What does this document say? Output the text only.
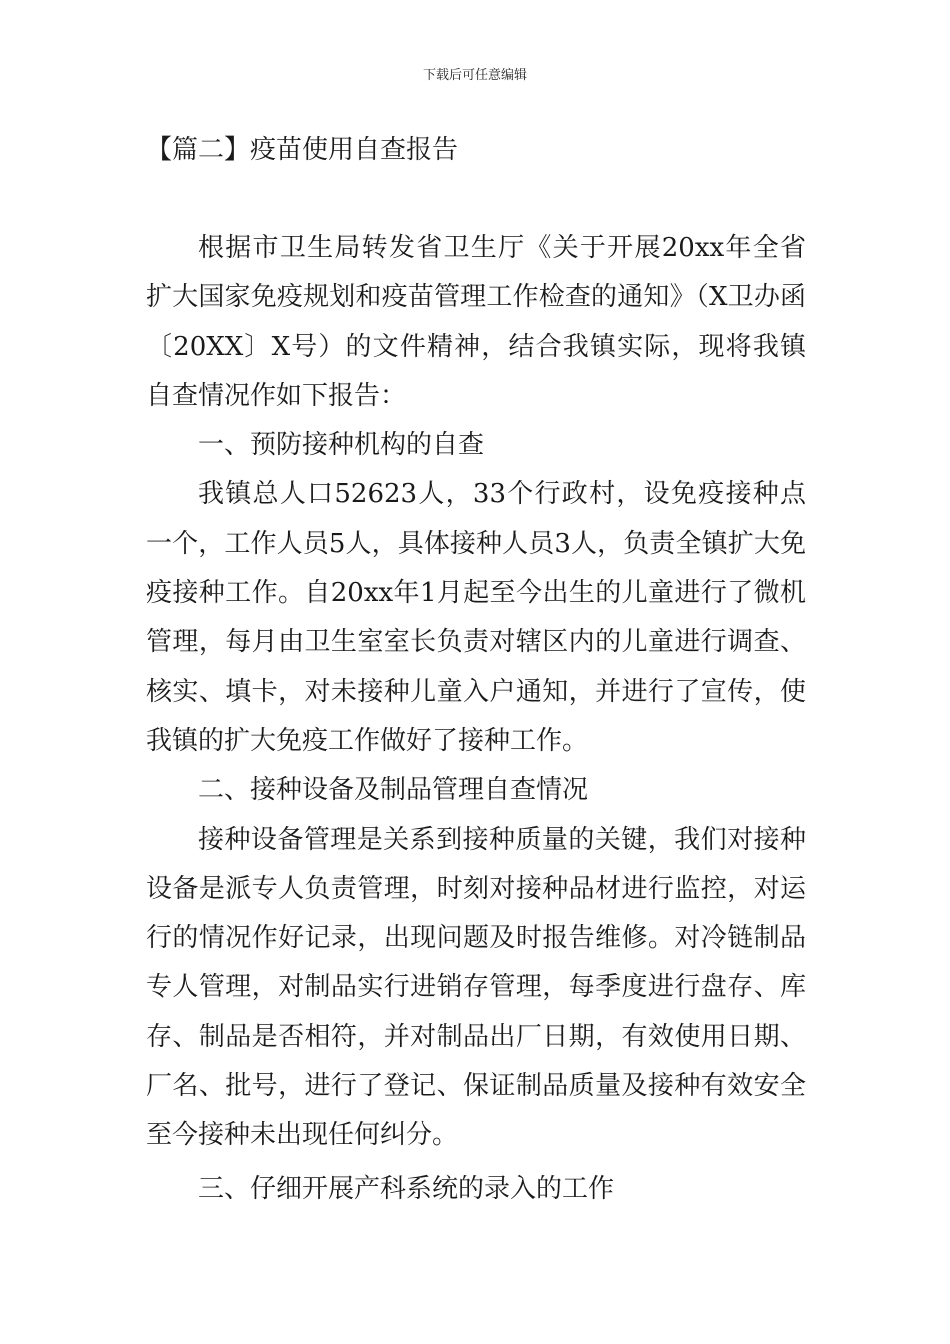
下载后可任意编辑
【篇二】疫苗使用自查报告

根据市卫生局转发省卫生厅《关于开展20xx年全省扩大国家免疫规划和疫苗管理工作检查的通知》（X卫办函〔20XX〕X号）的文件精神，结合我镇实际，现将我镇自查情况作如下报告：

一、预防接种机构的自查

我镇总人口52623人，33个行政村，设免疫接种点一个，工作人员5人，具体接种人员3人，负责全镇扩大免疫接种工作。自20xx年1月起至今出生的儿童进行了微机管理，每月由卫生室室长负责对辖区内的儿童进行调查、核实、填卡，对未接种儿童入户通知，并进行了宣传，使我镇的扩大免疫工作做好了接种工作。

二、接种设备及制品管理自查情况

接种设备管理是关系到接种质量的关键，我们对接种设备是派专人负责管理，时刻对接种品材进行监控，对运行的情况作好记录，出现问题及时报告维修。对冷链制品专人管理，对制品实行进销存管理，每季度进行盘存、库存、制品是否相符，并对制品出厂日期，有效使用日期、厂名、批号，进行了登记、保证制品质量及接种有效安全至今接种未出现任何纠分。

三、仔细开展产科系统的录入的工作
